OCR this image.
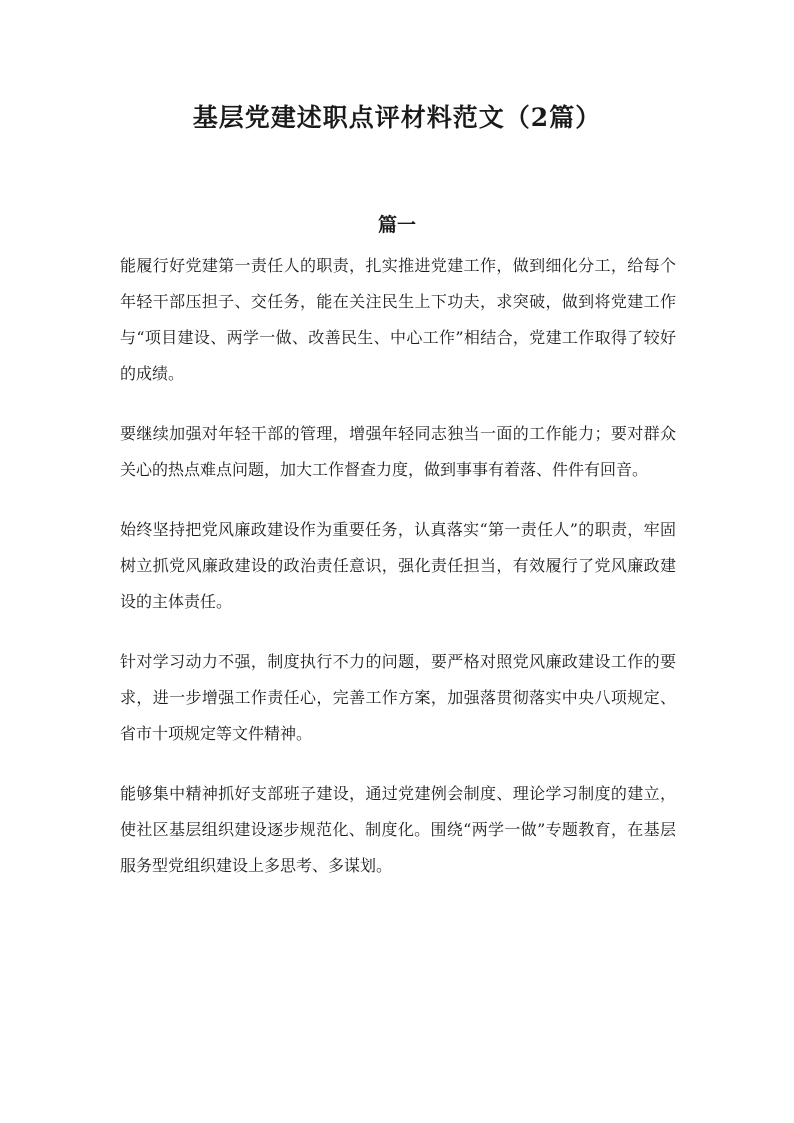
基层党建述职点评材料范文（2篇）
篇一

能履行好党建第一责任人的职责，扎实推进党建工作，做到细化分工，给每个年轻干部压担子、交任务，能在关注民生上下功夫，求突破，做到将党建工作与“项目建设、两学一做、改善民生、中心工作”相结合，党建工作取得了较好的成绩。

要继续加强对年轻干部的管理，增强年轻同志独当一面的工作能力；要对群众关心的热点难点问题，加大工作督查力度，做到事事有着落、件件有回音。

始终坚持把党风廉政建设作为重要任务，认真落实“第一责任人”的职责，牢固树立抓党风廉政建设的政治责任意识，强化责任担当，有效履行了党风廉政建设的主体责任。

针对学习动力不强，制度执行不力的问题，要严格对照党风廉政建设工作的要求，进一步增强工作责任心，完善工作方案，加强落贯彻落实中央八项规定、省市十项规定等文件精神。

能够集中精神抓好支部班子建设，通过党建例会制度、理论学习制度的建立，使社区基层组织建设逐步规范化、制度化。围绕“两学一做”专题教育，在基层服务型党组织建设上多思考、多谋划。
